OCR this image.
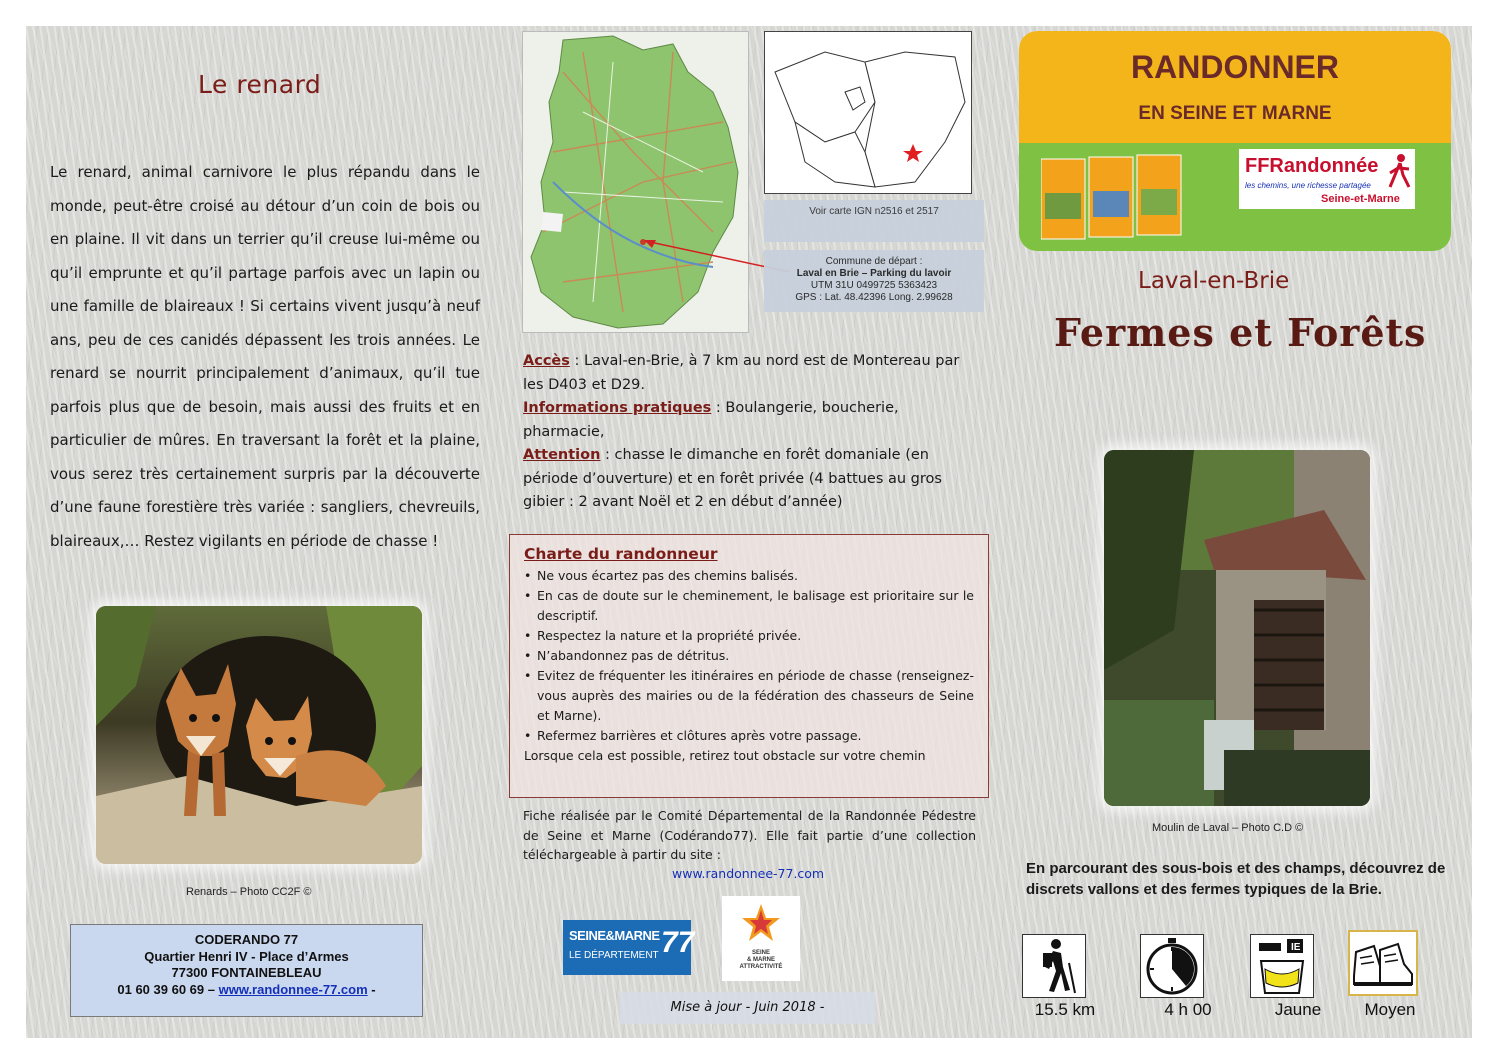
Le renard

Le renard, animal carnivore le plus répandu dans le monde, peut-être croisé au détour d’un coin de bois ou en plaine. Il vit dans un terrier qu’il creuse lui-même ou qu’il emprunte et qu’il partage parfois avec un lapin ou une famille de blaireaux ! Si certains vivent jusqu’à neuf ans, peu de ces canidés dépassent les trois années. Le renard se nourrit principalement d’animaux, qu’il tue parfois plus que de besoin, mais aussi des fruits et en particulier de mûres. En traversant la forêt et la plaine, vous serez très certainement surpris par la découverte d’une faune forestière très variée : sangliers, chevreuils, blaireaux,… Restez vigilants en période de chasse !

Renards – Photo CC2F ©
CODERANDO 77
Quartier Henri IV - Place d’Armes
77300 FONTAINEBLEAU
01 60 39 60 69 – www.randonnee-77.com -
Voir carte IGN n2516 et 2517
Commune de départ :
Laval en Brie – Parking du lavoir
UTM 31U 0499725 5363423
GPS : Lat. 48.42396 Long. 2.99628

Accès : Laval-en-Brie, à 7 km au nord est de Montereau par les D403 et D29.

Informations pratiques : Boulangerie, boucherie, pharmacie,

Attention : chasse le dimanche en forêt domaniale (en période d’ouverture) et en forêt privée (4 battues au gros gibier : 2 avant Noël et 2 en début d’année)

Charte du randonneur
• Ne vous écartez pas des chemins balisés.
• En cas de doute sur le cheminement, le balisage est prioritaire sur le descriptif.
• Respectez la nature et la propriété privée.
• N’abandonnez pas de détritus.
• Evitez de fréquenter les itinéraires en période de chasse (renseignez-vous auprès des mairies ou de la fédération des chasseurs de Seine et Marne).
• Refermez barrières et clôtures après votre passage.
Lorsque cela est possible, retirez tout obstacle sur votre chemin

Fiche réalisée par le Comité Départemental de la Randonnée Pédestre de Seine et Marne (Codérando77). Elle fait partie d’une collection téléchargeable à partir du site :

www.randonnee-77.com
SEINE&MARNE
LE DÉPARTEMENT 77	SEINE
& MARNE
ATTRACTIVITÉ
Mise à jour - Juin 2018 -
RANDONNER
EN SEINE ET MARNE
FFRandonnée
les chemins, une richesse partagée
Seine-et-Marne
Laval-en-Brie
Fermes et Forêts
Moulin de Laval – Photo C.D ©

En parcourant des sous-bois et des champs, découvrez de discrets vallons et des fermes typiques de la Brie.

15.5 km	4 h 00
IE
Jaune	Moyen
